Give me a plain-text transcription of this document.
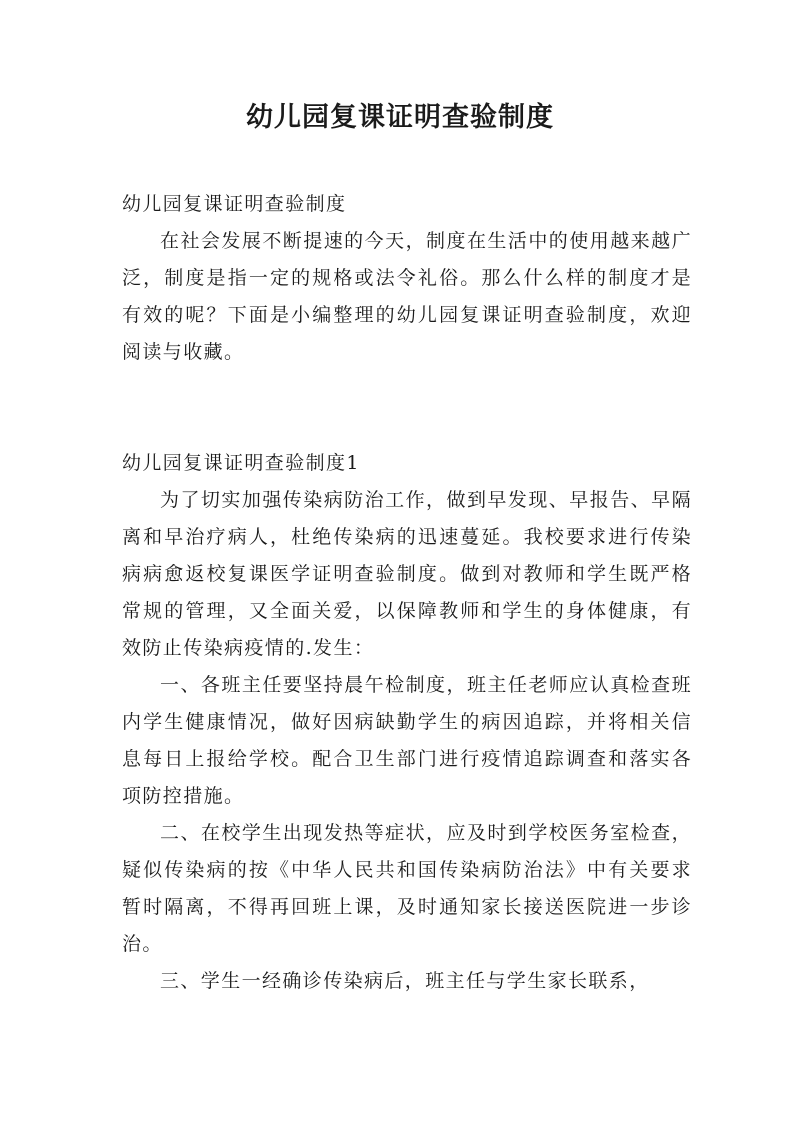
幼儿园复课证明查验制度

幼儿园复课证明查验制度

在社会发展不断提速的今天，制度在生活中的使用越来越广泛，制度是指一定的规格或法令礼俗。那么什么样的制度才是有效的呢？下面是小编整理的幼儿园复课证明查验制度，欢迎阅读与收藏。

幼儿园复课证明查验制度1

为了切实加强传染病防治工作，做到早发现、早报告、早隔离和早治疗病人，杜绝传染病的迅速蔓延。我校要求进行传染病病愈返校复课医学证明查验制度。做到对教师和学生既严格常规的管理，又全面关爱，以保障教师和学生的身体健康，有效防止传染病疫情的.发生：

一、各班主任要坚持晨午检制度，班主任老师应认真检查班内学生健康情况，做好因病缺勤学生的病因追踪，并将相关信息每日上报给学校。配合卫生部门进行疫情追踪调查和落实各项防控措施。

二、在校学生出现发热等症状，应及时到学校医务室检查，疑似传染病的按《中华人民共和国传染病防治法》中有关要求暂时隔离，不得再回班上课，及时通知家长接送医院进一步诊治。

三、学生一经确诊传染病后，班主任与学生家长联系，
